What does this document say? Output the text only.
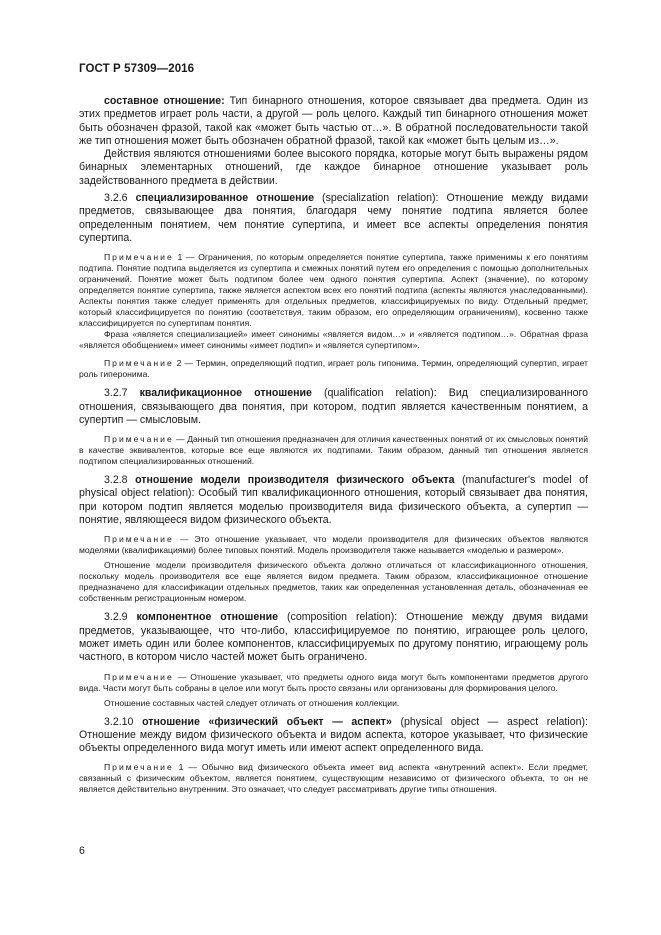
ГОСТ Р 57309—2016

составное отношение: Тип бинарного отношения, которое связывает два предмета. Один из этих предметов играет роль части, а другой — роль целого. Каждый тип бинарного отношения может быть обозначен фразой, такой как «может быть частью от…». В обратной последовательности такой же тип отношения может быть обозначен обратной фразой, такой как «может быть целым из…».

Действия являются отношениями более высокого порядка, которые могут быть выражены рядом бинарных элементарных отношений, где каждое бинарное отношение указывает роль задействованного предмета в действии.

3.2.6 специализированное отношение (specialization relation): Отношение между видами предметов, связывающее два понятия, благодаря чему понятие подтипа является более определенным понятием, чем понятие супертипа, и имеет все аспекты определения понятия супертипа.

Примечание 1 — Ограничения, по которым определяется понятие супертипа, также применимы к его понятиям подтипа. Понятие подтипа выделяется из супертипа и смежных понятий путем его определения с помощью дополнительных ограничений. Понятие может быть подтипом более чем одного понятия супертипа. Аспект (значение), по которому определяется понятие супертипа, также является аспектом всех его понятий подтипа (аспекты являются унаследованными). Аспекты понятия также следует применять для отдельных предметов, классифицируемых по виду. Отдельный предмет, который классифицируется по понятию (соответствуя, таким образом, его определяющим ограничениям), косвенно также классифицируется по супертипам понятия.

Фраза «является специализацией» имеет синонимы «является видом…» и «является подтипом…». Обратная фраза «является обобщением» имеет синонимы «имеет подтип» и «является супертипом».

Примечание 2 — Термин, определяющий подтип, играет роль гипонима. Термин, определяющий супертип, играет роль гиперонима.

3.2.7 квалификационное отношение (qualification relation): Вид специализированного отношения, связывающего два понятия, при котором, подтип является качественным понятием, а супертип — смысловым.

Примечание — Данный тип отношения предназначен для отличия качественных понятий от их смысловых понятий в качестве эквивалентов, которые все еще являются их подтипами. Таким образом, данный тип отношения является подтипом специализированных отношений.

3.2.8 отношение модели производителя физического объекта (manufacturer's model of physical object relation): Особый тип квалификационного отношения, который связывает два понятия, при котором подтип является моделью производителя вида физического объекта, а супертип — понятие, являющееся видом физического объекта.

Примечание — Это отношение указывает, что модели производителя для физических объектов являются моделями (квалификациями) более типовых понятий. Модель производителя также называется «моделью и размером».

Отношение модели производителя физического объекта должно отличаться от классификационного отношения, поскольку модель производителя все еще является видом предмета. Таким образом, классификационное отношение предназначено для классификации отдельных предметов, таких как определенная установленная деталь, обозначенная ее собственным регистрационным номером.

3.2.9 компонентное отношение (composition relation): Отношение между двумя видами предметов, указывающее, что что-либо, классифицируемое по понятию, играющее роль целого, может иметь один или более компонентов, классифицируемых по другому понятию, играющему роль частного, в котором число частей может быть ограничено.

Примечание — Отношение указывает, что предметы одного вида могут быть компонентами предметов другого вида. Части могут быть собраны в целое или могут быть просто связаны или организованы для формирования целого.

Отношение составных частей следует отличать от отношения коллекции.

3.2.10 отношение «физический объект — аспект» (physical object — aspect relation): Отношение между видом физического объекта и видом аспекта, которое указывает, что физические объекты определенного вида могут иметь или имеют аспект определенного вида.

Примечание 1 — Обычно вид физического объекта имеет вид аспекта «внутренний аспект». Если предмет, связанный с физическим объектом, является понятием, существующим независимо от физического объекта, то он не является действительно внутренним. Это означает, что следует рассматривать другие типы отношения.

6
